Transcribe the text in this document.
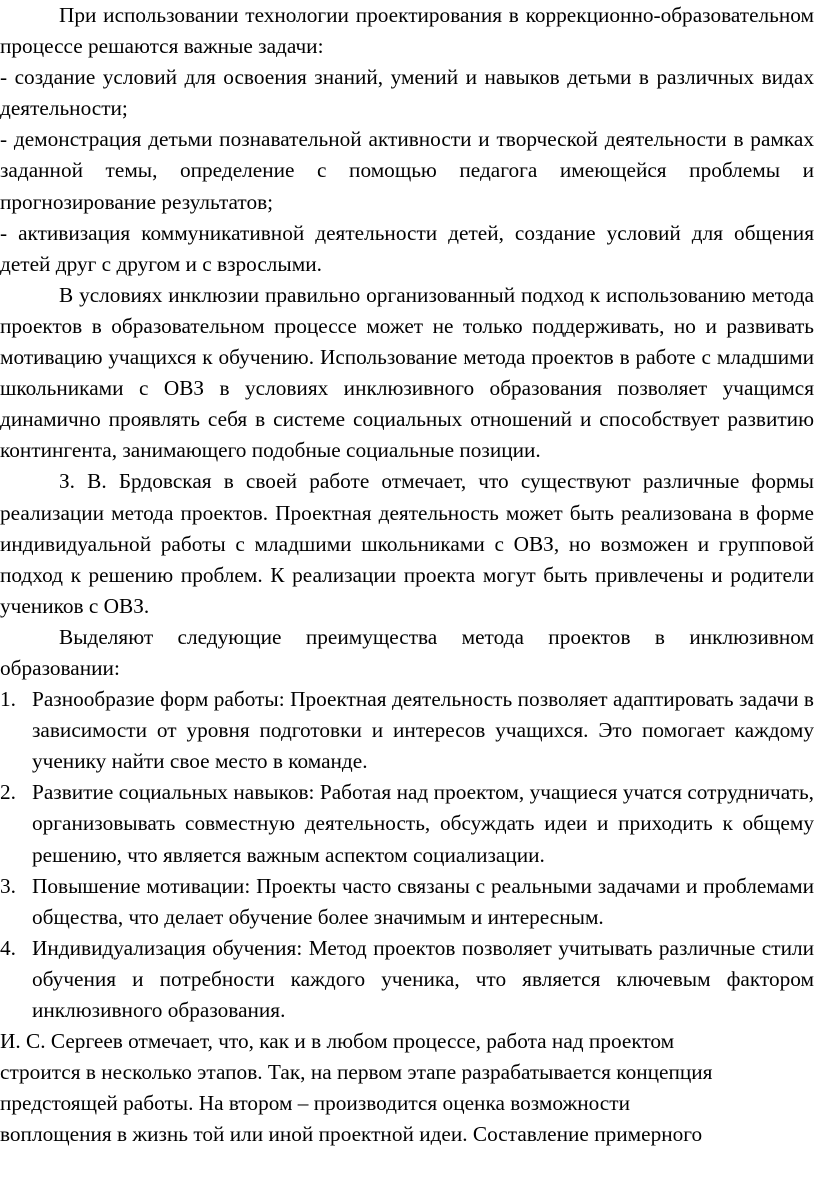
При использовании технологии проектирования в коррекционно-образовательном процессе решаются важные задачи:

- создание условий для освоения знаний, умений и навыков детьми в различных видах деятельности;

- демонстрация детьми познавательной активности и творческой деятельности в рамках заданной темы, определение с помощью педагога имеющейся проблемы и прогнозирование результатов;

- активизация коммуникативной деятельности детей, создание условий для общения детей друг с другом и с взрослыми.

В условиях инклюзии правильно организованный подход к использованию метода проектов в образовательном процессе может не только поддерживать, но и развивать мотивацию учащихся к обучению. Использование метода проектов в работе с младшими школьниками с ОВЗ в условиях инклюзивного образования позволяет учащимся динамично проявлять себя в системе социальных отношений и способствует развитию контингента, занимающего подобные социальные позиции.

З. В. Брдовская в своей работе отмечает, что существуют различные формы реализации метода проектов. Проектная деятельность может быть реализована в форме индивидуальной работы с младшими школьниками с ОВЗ, но возможен и групповой подход к решению проблем. К реализации проекта могут быть привлечены и родители учеников с ОВЗ.

Выделяют следующие преимущества метода проектов в инклюзивном образовании:

1. Разнообразие форм работы: Проектная деятельность позволяет адаптировать задачи в зависимости от уровня подготовки и интересов учащихся. Это помогает каждому ученику найти свое место в команде.
2. Развитие социальных навыков: Работая над проектом, учащиеся учатся сотрудничать, организовывать совместную деятельность, обсуждать идеи и приходить к общему решению, что является важным аспектом социализации.
3. Повышение мотивации: Проекты часто связаны с реальными задачами и проблемами общества, что делает обучение более значимым и интересным.
4. Индивидуализация обучения: Метод проектов позволяет учитывать различные стили обучения и потребности каждого ученика, что является ключевым фактором инклюзивного образования.
И. С. Сергеев отмечает, что, как и в любом процессе, работа над проектом
строится в несколько этапов. Так, на первом этапе разрабатывается концепция
предстоящей работы. На втором – производится оценка возможности
воплощения в жизнь той или иной проектной идеи. Составление примерного
